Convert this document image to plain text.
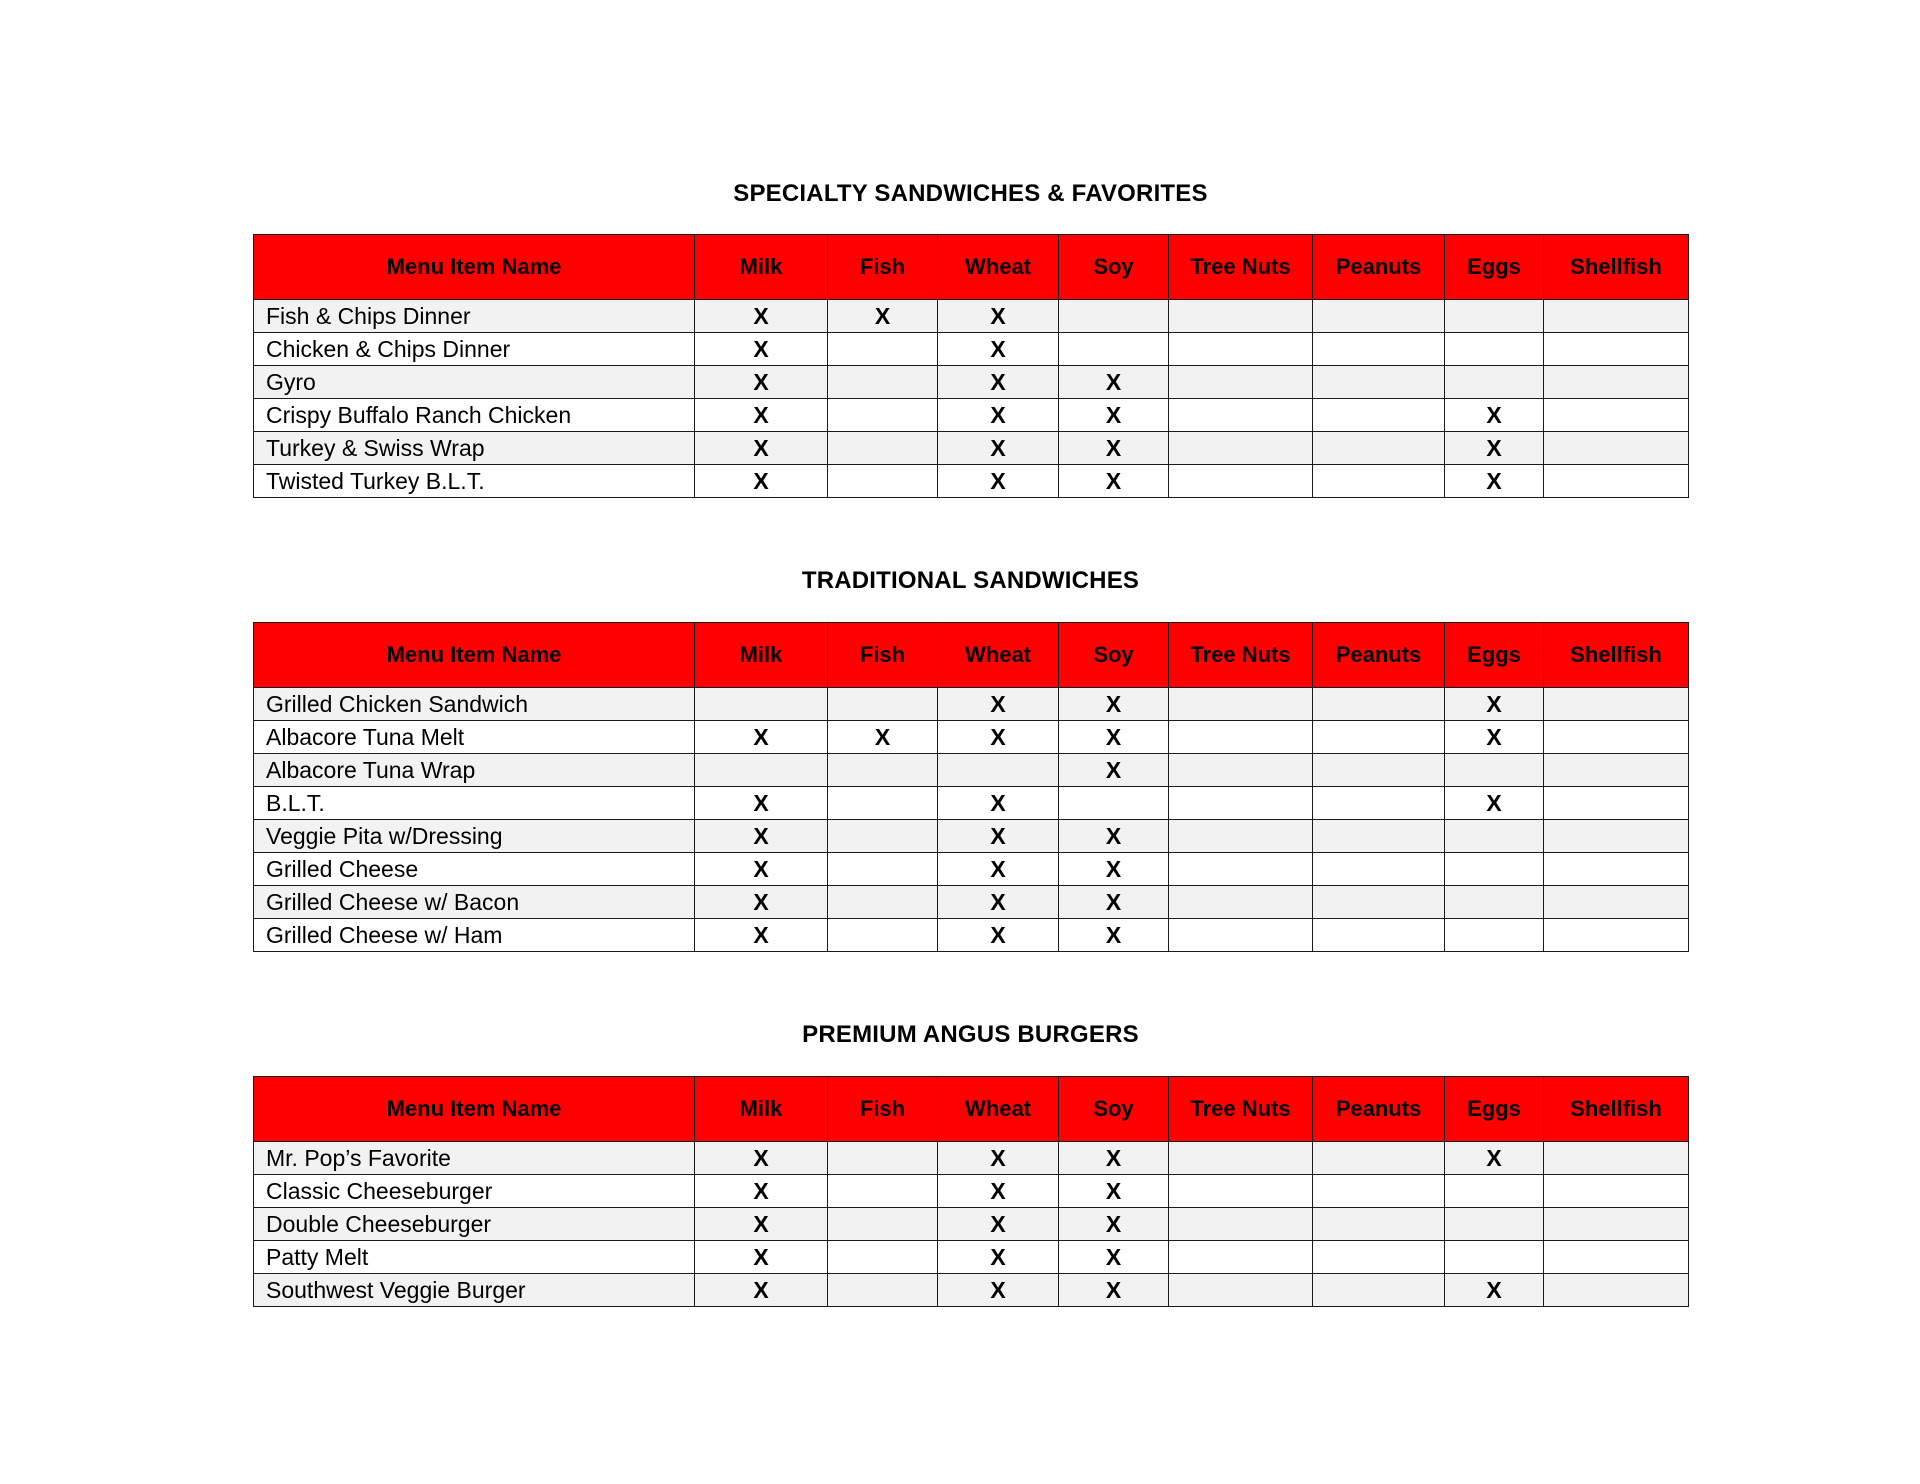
SPECIALTY SANDWICHES & FAVORITES
Menu Item Name	Milk	Fish	Wheat	Soy	Tree Nuts	Peanuts	Eggs	Shellfish
Fish & Chips Dinner	X	X	X					
Chicken & Chips Dinner	X		X					
Gyro	X		X	X				
Crispy Buffalo Ranch Chicken	X		X	X			X	
Turkey & Swiss Wrap	X		X	X			X	
Twisted Turkey B.L.T.	X		X	X			X	
TRADITIONAL SANDWICHES
Menu Item Name	Milk	Fish	Wheat	Soy	Tree Nuts	Peanuts	Eggs	Shellfish
Grilled Chicken Sandwich			X	X			X	
Albacore Tuna Melt	X	X	X	X			X	
Albacore Tuna Wrap				X				
B.L.T.	X		X				X	
Veggie Pita w/Dressing	X		X	X				
Grilled Cheese	X		X	X				
Grilled Cheese w/ Bacon	X		X	X				
Grilled Cheese w/ Ham	X		X	X				
PREMIUM ANGUS BURGERS
Menu Item Name	Milk	Fish	Wheat	Soy	Tree Nuts	Peanuts	Eggs	Shellfish
Mr. Pop’s Favorite	X		X	X			X	
Classic Cheeseburger	X		X	X				
Double Cheeseburger	X		X	X				
Patty Melt	X		X	X				
Southwest Veggie Burger	X		X	X			X	
